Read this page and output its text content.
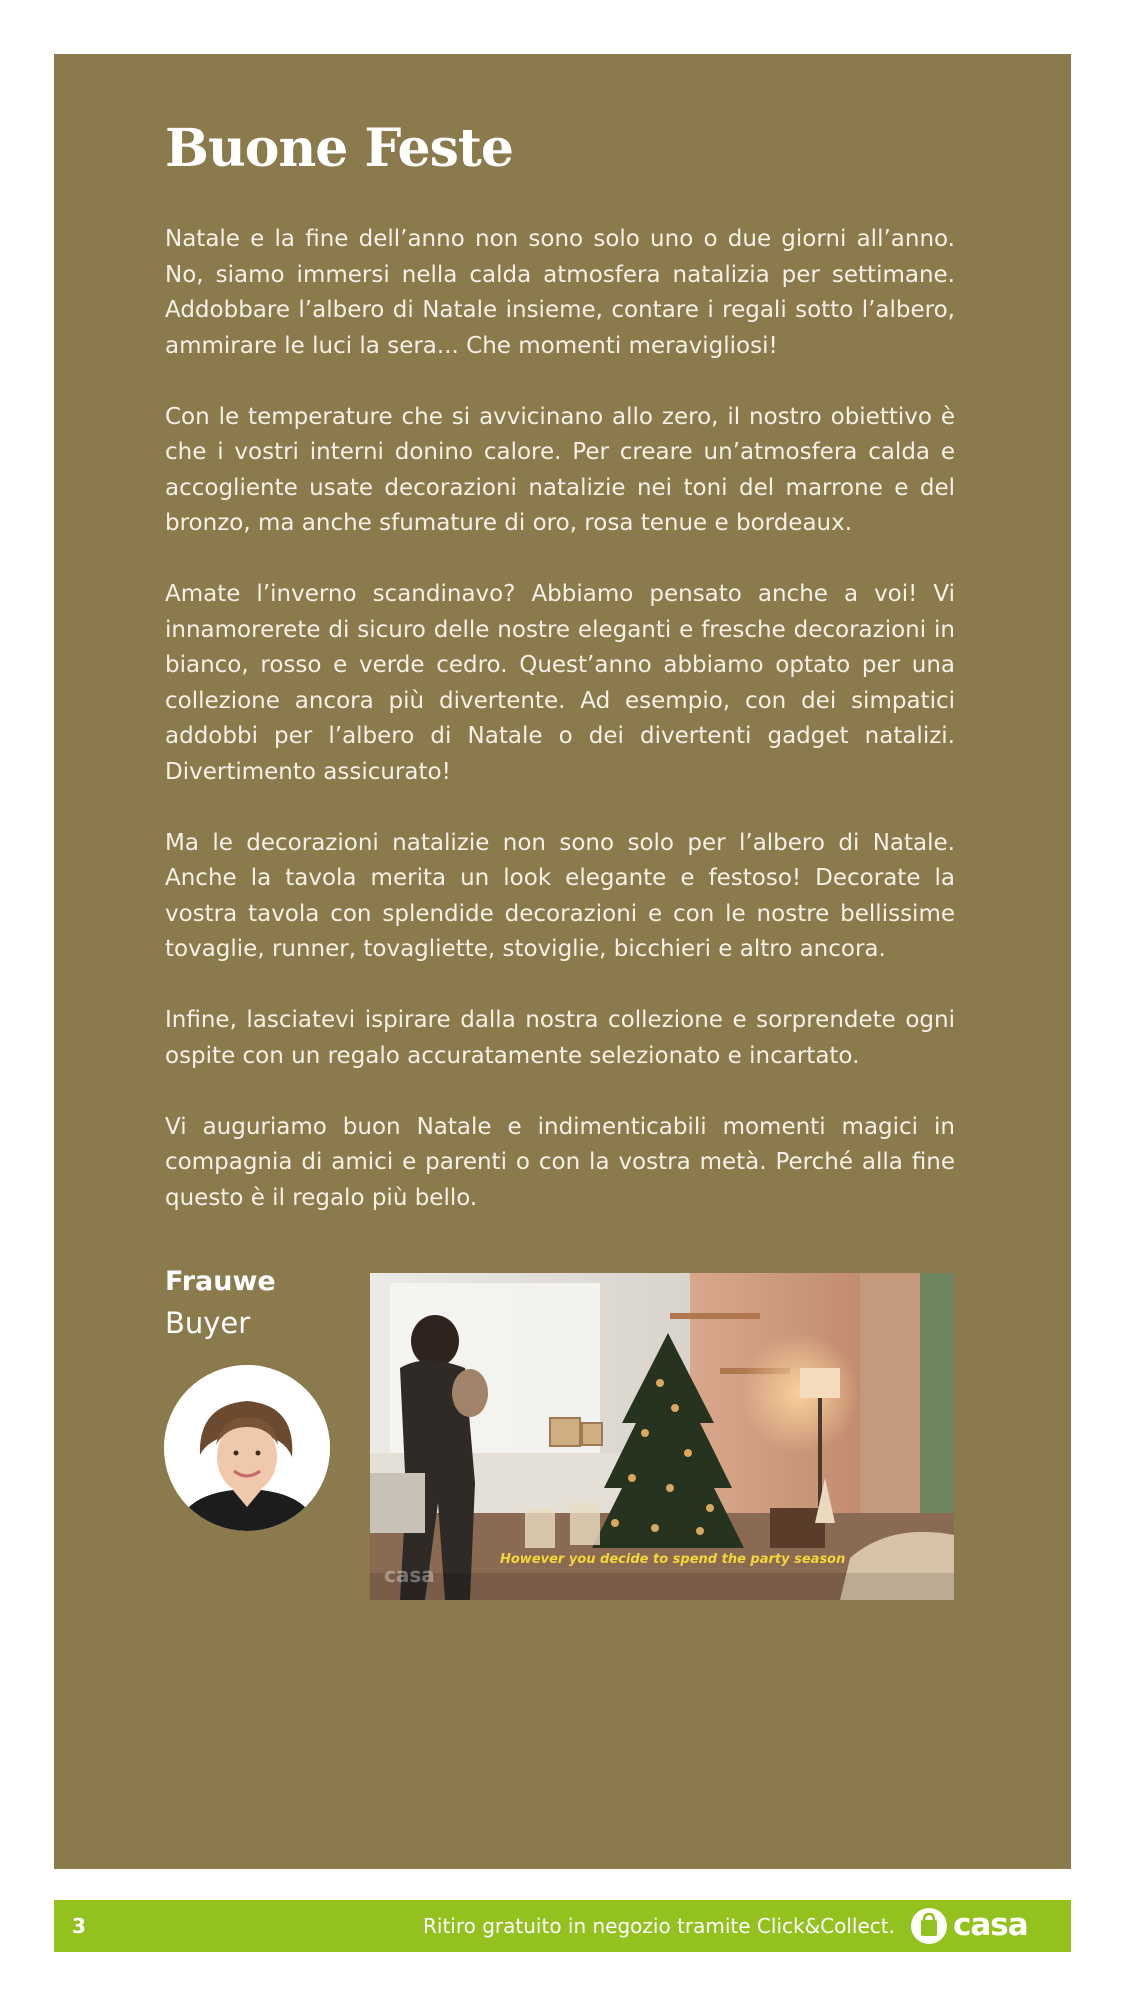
Buone Feste

Natale e la fine dell’anno non sono solo uno o due giorni all’anno. No, siamo immersi nella calda atmosfera natalizia per settimane. Addobbare l’albero di Natale insieme, contare i regali sotto l’albero, ammirare le luci la sera... Che momenti meravigliosi!

Con le temperature che si avvicinano allo zero, il nostro obiettivo è che i vostri interni donino calore. Per creare un’atmosfera calda e accogliente usate decorazioni natalizie nei toni del marrone e del bronzo, ma anche sfumature di oro, rosa tenue e bordeaux.

Amate l’inverno scandinavo? Abbiamo pensato anche a voi! Vi innamorerete di sicuro delle nostre eleganti e fresche decorazioni in bianco, rosso e verde cedro. Quest’anno abbiamo optato per una collezione ancora più divertente. Ad esempio, con dei simpatici addobbi per l’albero di Natale o dei divertenti gadget natalizi. Divertimento assicurato!

Ma le decorazioni natalizie non sono solo per l’albero di Natale. Anche la tavola merita un look elegante e festoso! Decorate la vostra tavola con splendide decorazioni e con le nostre bellissime tovaglie, runner, tovagliette, stoviglie, bicchieri e altro ancora.

Infine, lasciatevi ispirare dalla nostra collezione e sorprendete ogni ospite con un regalo accuratamente selezionato e incartato.

Vi auguriamo buon Natale e indimenticabili momenti magici in compagnia di amici e parenti o con la vostra metà. Perché alla fine questo è il regalo più bello.

Frauwe
Buyer
However you decide to spend the party season
casa
3	Ritiro gratuito in negozio tramite Click&Collect. casa
